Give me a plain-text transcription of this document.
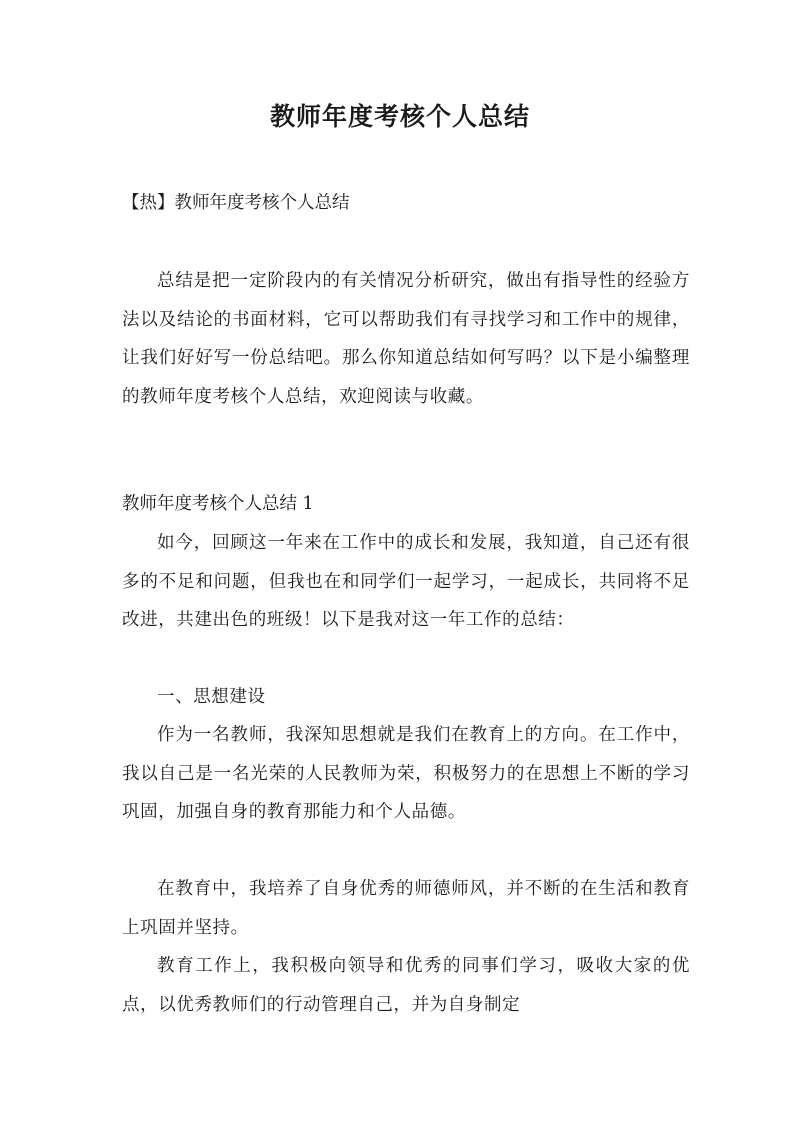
教师年度考核个人总结

【热】教师年度考核个人总结

总结是把一定阶段内的有关情况分析研究，做出有指导性的经验方法以及结论的书面材料，它可以帮助我们有寻找学习和工作中的规律，让我们好好写一份总结吧。那么你知道总结如何写吗？以下是小编整理的教师年度考核个人总结，欢迎阅读与收藏。

教师年度考核个人总结 1

如今，回顾这一年来在工作中的成长和发展，我知道，自己还有很多的不足和问题，但我也在和同学们一起学习，一起成长，共同将不足改进，共建出色的班级！以下是我对这一年工作的总结：

一、思想建设

作为一名教师，我深知思想就是我们在教育上的方向。在工作中，我以自己是一名光荣的人民教师为荣，积极努力的在思想上不断的学习巩固，加强自身的教育那能力和个人品德。

在教育中，我培养了自身优秀的师德师风，并不断的在生活和教育上巩固并坚持。

教育工作上，我积极向领导和优秀的同事们学习，吸收大家的优点，以优秀教师们的行动管理自己，并为自身制定
